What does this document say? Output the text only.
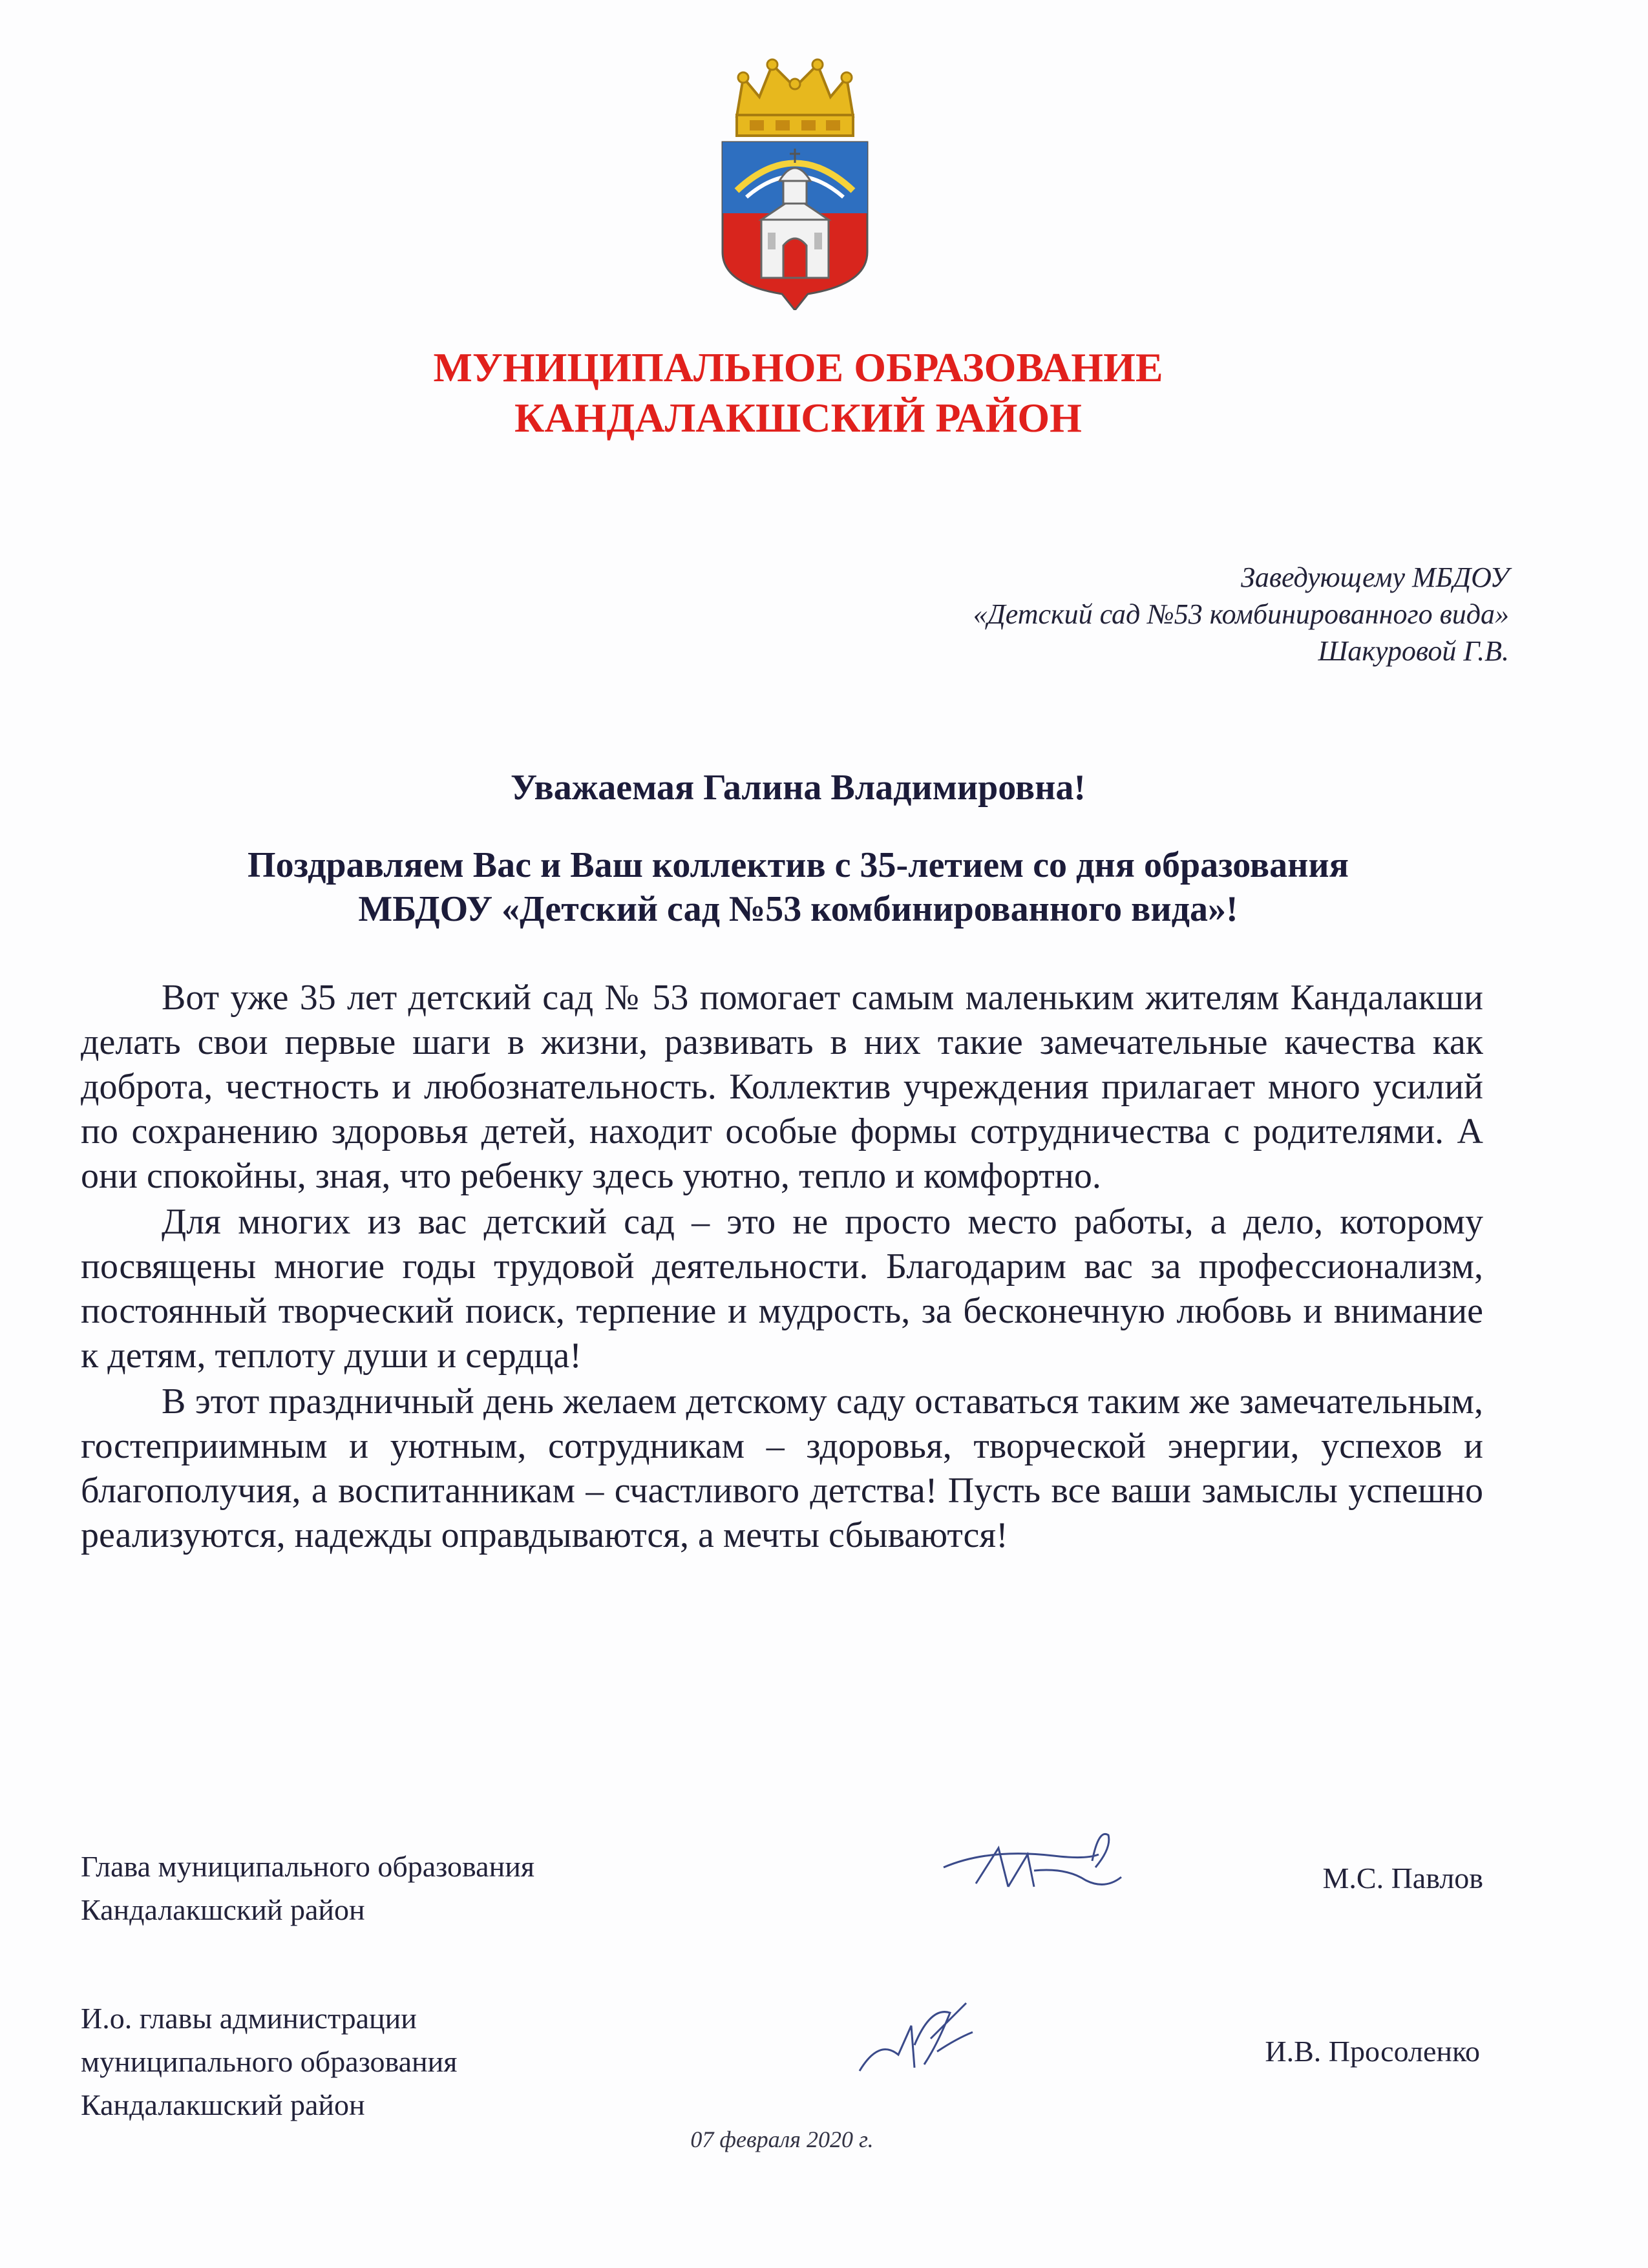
МУНИЦИПАЛЬНОЕ ОБРАЗОВАНИЕ
КАНДАЛАКШСКИЙ РАЙОН
Заведующему МБДОУ
«Детский сад №53 комбинированного вида»
Шакуровой Г.В.
Уважаемая Галина Владимировна!
Поздравляем Вас и Ваш коллектив с 35-летием со дня образования
МБДОУ «Детский сад №53 комбинированного вида»!

Вот уже 35 лет детский сад № 53 помогает самым маленьким жителям Кандалакши делать свои первые шаги в жизни, развивать в них такие замечательные качества как доброта, честность и любознательность. Коллектив учреждения прилагает много усилий по сохранению здоровья детей, находит особые формы сотрудничества с родителями. А они спокойны, зная, что ребенку здесь уютно, тепло и комфортно.

Для многих из вас детский сад – это не просто место работы, а дело, которому посвящены многие годы трудовой деятельности. Благодарим вас за профессионализм, постоянный творческий поиск, терпение и мудрость, за бесконечную любовь и внимание к детям, теплоту души и сердца!

В этот праздничный день желаем детскому саду оставаться таким же замечательным, гостеприимным и уютным, сотрудникам – здоровья, творческой энергии, успехов и благополучия, а воспитанникам – счастливого детства! Пусть все ваши замыслы успешно реализуются, надежды оправдываются, а мечты сбываются!

Глава муниципального образования
Кандалакшский район
М.С. Павлов
И.о. главы администрации
муниципального образования
Кандалакшский район
И.В. Просоленко
07 февраля 2020 г.
